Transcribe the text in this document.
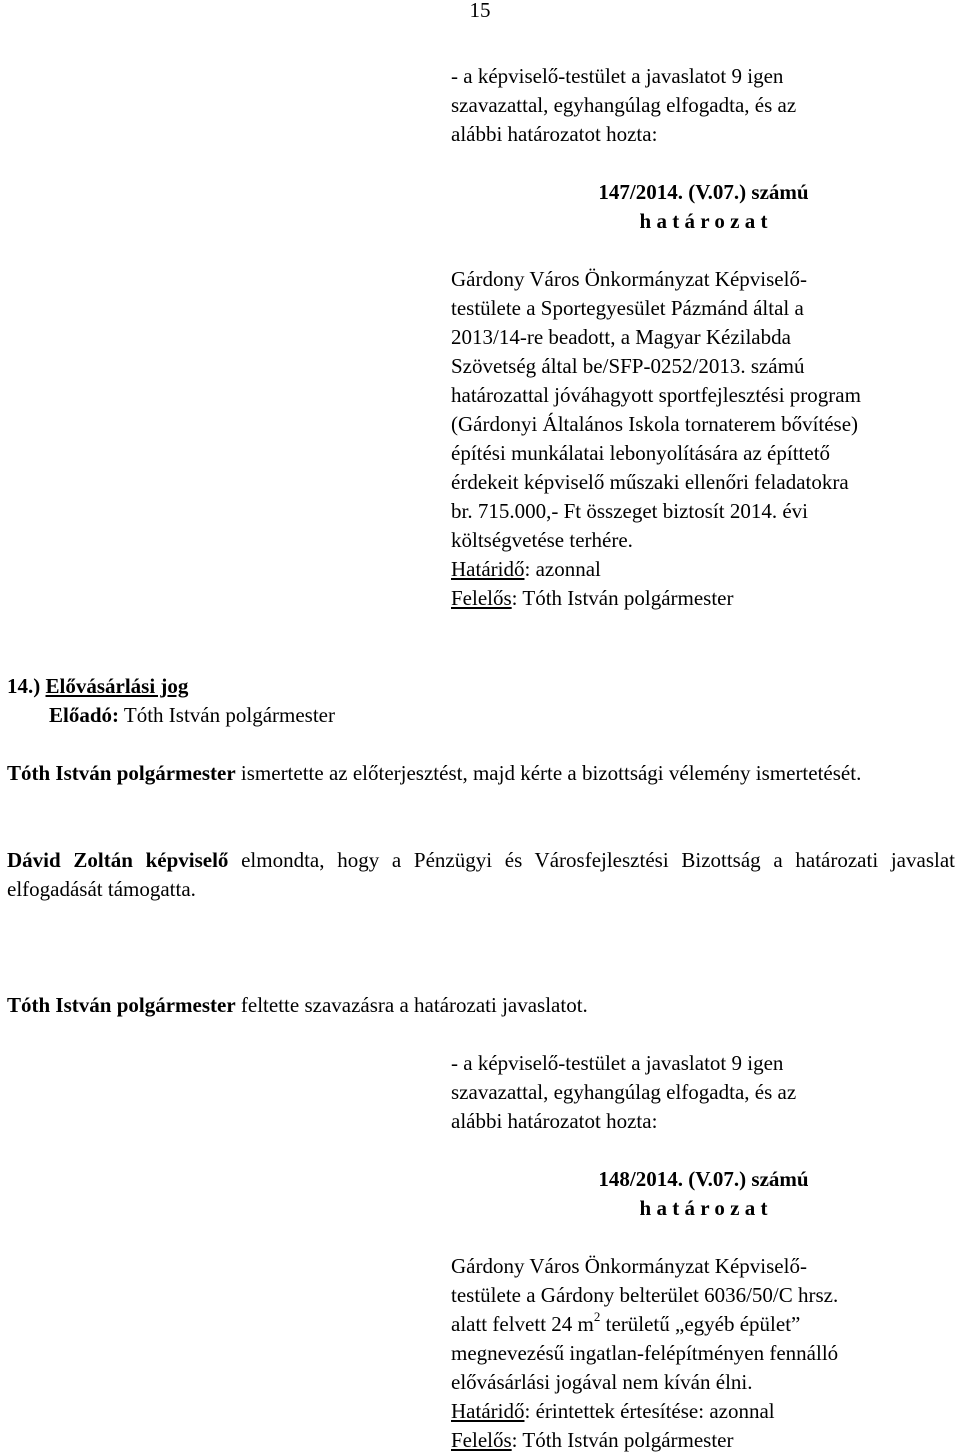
15
- a képviselő-testület a javaslatot 9 igen
szavazattal, egyhangúlag elfogadta, és az
alábbi határozatot hozta:
147/2014. (V.07.) számú
h a t á r o z a t
Gárdony Város Önkormányzat Képviselő-
testülete a Sportegyesület Pázmánd által a
2013/14-re beadott, a Magyar Kézilabda
Szövetség által be/SFP-0252/2013. számú
határozattal jóváhagyott sportfejlesztési program
(Gárdonyi Általános Iskola tornaterem bővítése)
építési munkálatai lebonyolítására az építtető
érdekeit képviselő műszaki ellenőri feladatokra
br. 715.000,- Ft összeget biztosít 2014. évi
költségvetése terhére.
Határidő: azonnal
Felelős: Tóth István polgármester
14.) Elővásárlási jog
Előadó: Tóth István polgármester
Tóth István polgármester ismertette az előterjesztést, majd kérte a bizottsági vélemény ismertetését.
Dávid Zoltán képviselő elmondta, hogy a Pénzügyi és Városfejlesztési Bizottság a határozati javaslat elfogadását támogatta.
Tóth István polgármester feltette szavazásra a határozati javaslatot.
- a képviselő-testület a javaslatot 9 igen
szavazattal, egyhangúlag elfogadta, és az
alábbi határozatot hozta:
148/2014. (V.07.) számú
h a t á r o z a t
Gárdony Város Önkormányzat Képviselő-
testülete a Gárdony belterület 6036/50/C hrsz.
alatt felvett 24 $m^2$ területű „egyéb épület”
megnevezésű ingatlan-felépítményen fennálló
elővásárlási jogával nem kíván élni.
Határidő: érintettek értesítése: azonnal
Felelős: Tóth István polgármester
